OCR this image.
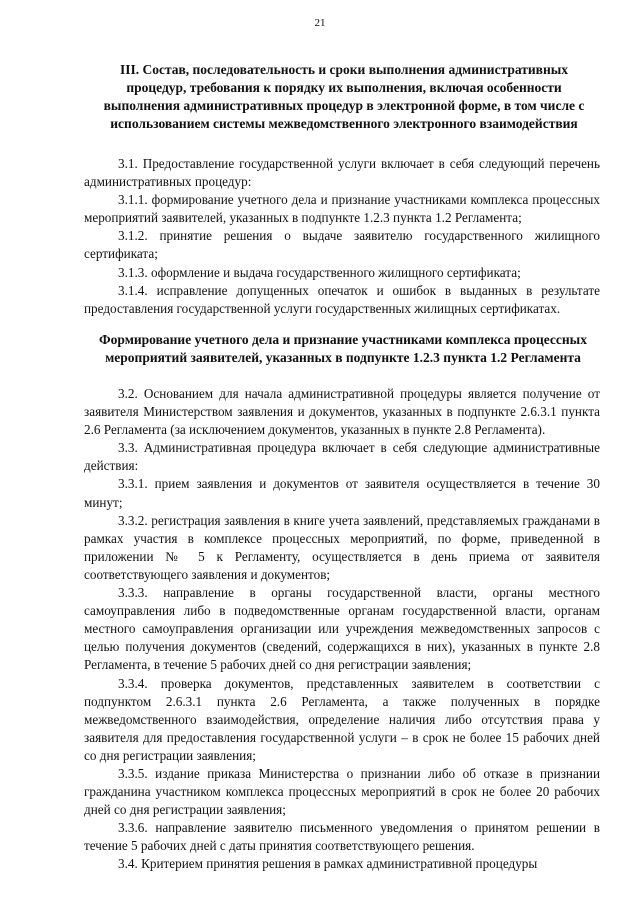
21
III. Состав, последовательность и сроки выполнения административных процедур, требования к порядку их выполнения, включая особенности выполнения административных процедур в электронной форме, в том числе с использованием системы межведомственного электронного взаимодействия

3.1. Предоставление государственной услуги включает в себя следующий перечень административных процедур:

3.1.1. формирование учетного дела и признание участниками комплекса процессных мероприятий заявителей, указанных в подпункте 1.2.3 пункта 1.2 Регламента;

3.1.2. принятие решения о выдаче заявителю государственного жилищного сертификата;

3.1.3. оформление и выдача государственного жилищного сертификата;

3.1.4. исправление допущенных опечаток и ошибок в выданных в результате предоставления государственной услуги государственных жилищных сертификатах.

Формирование учетного дела и признание участниками комплекса процессных мероприятий заявителей, указанных в подпункте 1.2.3 пункта 1.2 Регламента

3.2. Основанием для начала административной процедуры является получение от заявителя Министерством заявления и документов, указанных в подпункте 2.6.3.1 пункта 2.6 Регламента (за исключением документов, указанных в пункте 2.8 Регламента).

3.3. Административная процедура включает в себя следующие административные действия:

3.3.1. прием заявления и документов от заявителя осуществляется в течение 30 минут;

3.3.2. регистрация заявления в книге учета заявлений, представляемых гражданами в рамках участия в комплексе процессных мероприятий, по форме, приведенной в приложении № 5 к Регламенту, осуществляется в день приема от заявителя соответствующего заявления и документов;

3.3.3. направление в органы государственной власти, органы местного самоуправления либо в подведомственные органам государственной власти, органам местного самоуправления организации или учреждения межведомственных запросов с целью получения документов (сведений, содержащихся в них), указанных в пункте 2.8 Регламента, в течение 5 рабочих дней со дня регистрации заявления;

3.3.4. проверка документов, представленных заявителем в соответствии с подпунктом 2.6.3.1 пункта 2.6 Регламента, а также полученных в порядке межведомственного взаимодействия, определение наличия либо отсутствия права у заявителя для предоставления государственной услуги – в срок не более 15 рабочих дней со дня регистрации заявления;

3.3.5. издание приказа Министерства о признании либо об отказе в признании гражданина участником комплекса процессных мероприятий в срок не более 20 рабочих дней со дня регистрации заявления;

3.3.6. направление заявителю письменного уведомления о принятом решении в течение 5 рабочих дней с даты принятия соответствующего решения.

3.4. Критерием принятия решения в рамках административной процедуры
